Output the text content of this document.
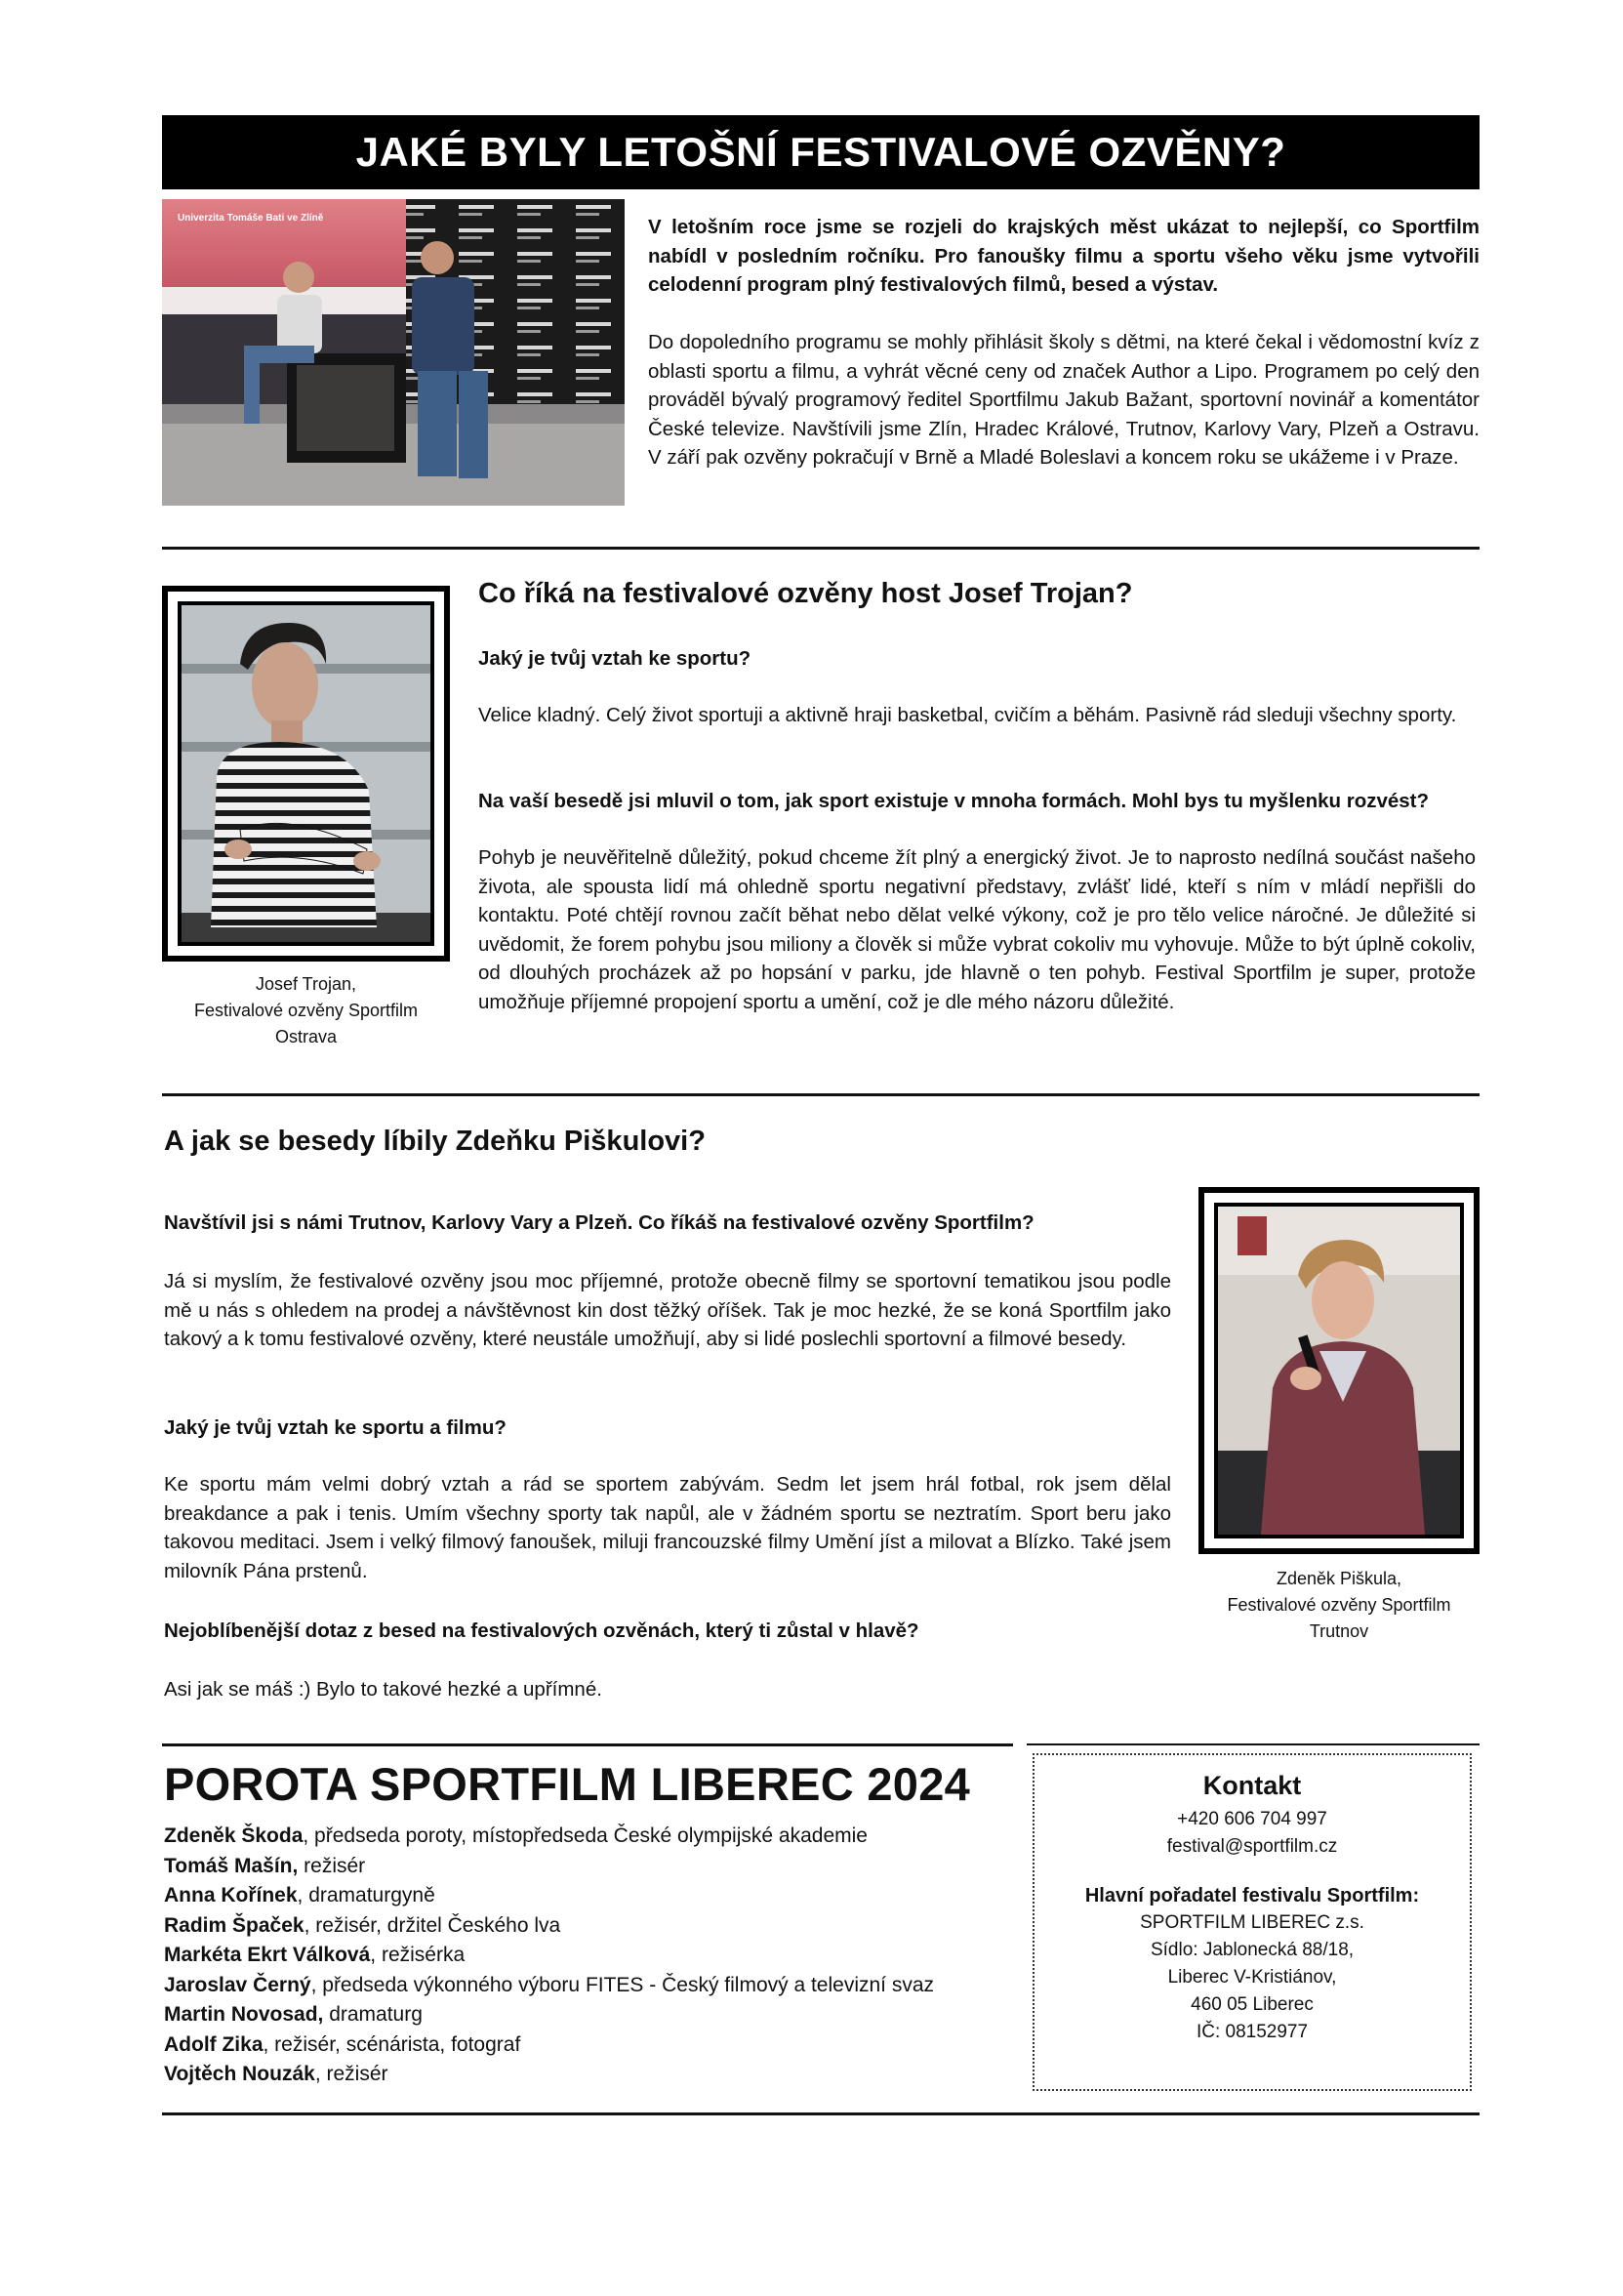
JAKÉ BYLY LETOŠNÍ FESTIVALOVÉ OZVĚNY?
Univerzita Tomáše Bati ve Zlíně	V letošním roce jsme se rozjeli do krajských měst ukázat to nejlepší, co Sportfilm nabídl v posledním ročníku. Pro fanoušky filmu a sportu všeho věku jsme vytvořili celodenní program plný festivalových filmů, besed a výstav.

Do dopoledního programu se mohly přihlásit školy s dětmi, na které čekal i vědomostní kvíz z oblasti sportu a filmu, a vyhrát věcné ceny od značek Author a Lipo. Programem po celý den prováděl bývalý programový ředitel Sportfilmu Jakub Bažant, sportovní novinář a komentátor České televize. Navštívili jsme Zlín, Hradec Králové, Trutnov, Karlovy Vary, Plzeň a Ostravu. V září pak ozvěny pokračují v Brně a Mladé Boleslavi a koncem roku se ukážeme i v Praze.

Josef Trojan,
Festivalové ozvěny Sportfilm
Ostrava
Co říká na festivalové ozvěny host Josef Trojan?

Jaký je tvůj vztah ke sportu?

Velice kladný. Celý život sportuji a aktivně hraji basketbal, cvičím a běhám. Pasivně rád sleduji všechny sporty.

Na vaší besedě jsi mluvil o tom, jak sport existuje v mnoha formách. Mohl bys tu myšlenku rozvést?

Pohyb je neuvěřitelně důležitý, pokud chceme žít plný a energický život. Je to naprosto nedílná součást našeho života, ale spousta lidí má ohledně sportu negativní představy, zvlášť lidé, kteří s ním v mládí nepřišli do kontaktu. Poté chtějí rovnou začít běhat nebo dělat velké výkony, což je pro tělo velice náročné. Je důležité si uvědomit, že forem pohybu jsou miliony a člověk si může vybrat cokoliv mu vyhovuje. Může to být úplně cokoliv, od dlouhých procházek až po hopsání v parku, jde hlavně o ten pohyb. Festival Sportfilm je super, protože umožňuje příjemné propojení sportu a umění, což je dle mého názoru důležité.

A jak se besedy líbily Zdeňku Piškulovi?

Navštívil jsi s námi Trutnov, Karlovy Vary a Plzeň. Co říkáš na festivalové ozvěny Sportfilm?

Já si myslím, že festivalové ozvěny jsou moc příjemné, protože obecně filmy se sportovní tematikou jsou podle mě u nás s ohledem na prodej a návštěvnost kin dost těžký oříšek. Tak je moc hezké, že se koná Sportfilm jako takový a k tomu festivalové ozvěny, které neustále umožňují, aby si lidé poslechli sportovní a filmové besedy.

Jaký je tvůj vztah ke sportu a filmu?

Ke sportu mám velmi dobrý vztah a rád se sportem zabývám. Sedm let jsem hrál fotbal, rok jsem dělal breakdance a pak i tenis. Umím všechny sporty tak napůl, ale v žádném sportu se neztratím. Sport beru jako takovou meditaci. Jsem i velký filmový fanoušek, miluji francouzské filmy Umění jíst a milovat a Blízko. Také jsem milovník Pána prstenů.

Nejoblíbenější dotaz z besed na festivalových ozvěnách, který ti zůstal v hlavě?

Asi jak se máš :) Bylo to takové hezké a upřímné.

Zdeněk Piškula,
Festivalové ozvěny Sportfilm
Trutnov
POROTA SPORTFILM LIBEREC 2024
Zdeněk Škoda, předseda poroty, místopředseda České olympijské akademie
Tomáš Mašín, režisér
Anna Kořínek, dramaturgyně
Radim Špaček, režisér, držitel Českého lva
Markéta Ekrt Válková, režisérka
Jaroslav Černý, předseda výkonného výboru FITES - Český filmový a televizní svaz
Martin Novosad, dramaturg
Adolf Zika, režisér, scénárista, fotograf
Vojtěch Nouzák, režisér
Kontakt
+420 606 704 997
festival@sportfilm.cz
Hlavní pořadatel festivalu Sportfilm:
SPORTFILM LIBEREC z.s.
Sídlo: Jablonecká 88/18,
Liberec V-Kristiánov,
460 05 Liberec
IČ: 08152977
